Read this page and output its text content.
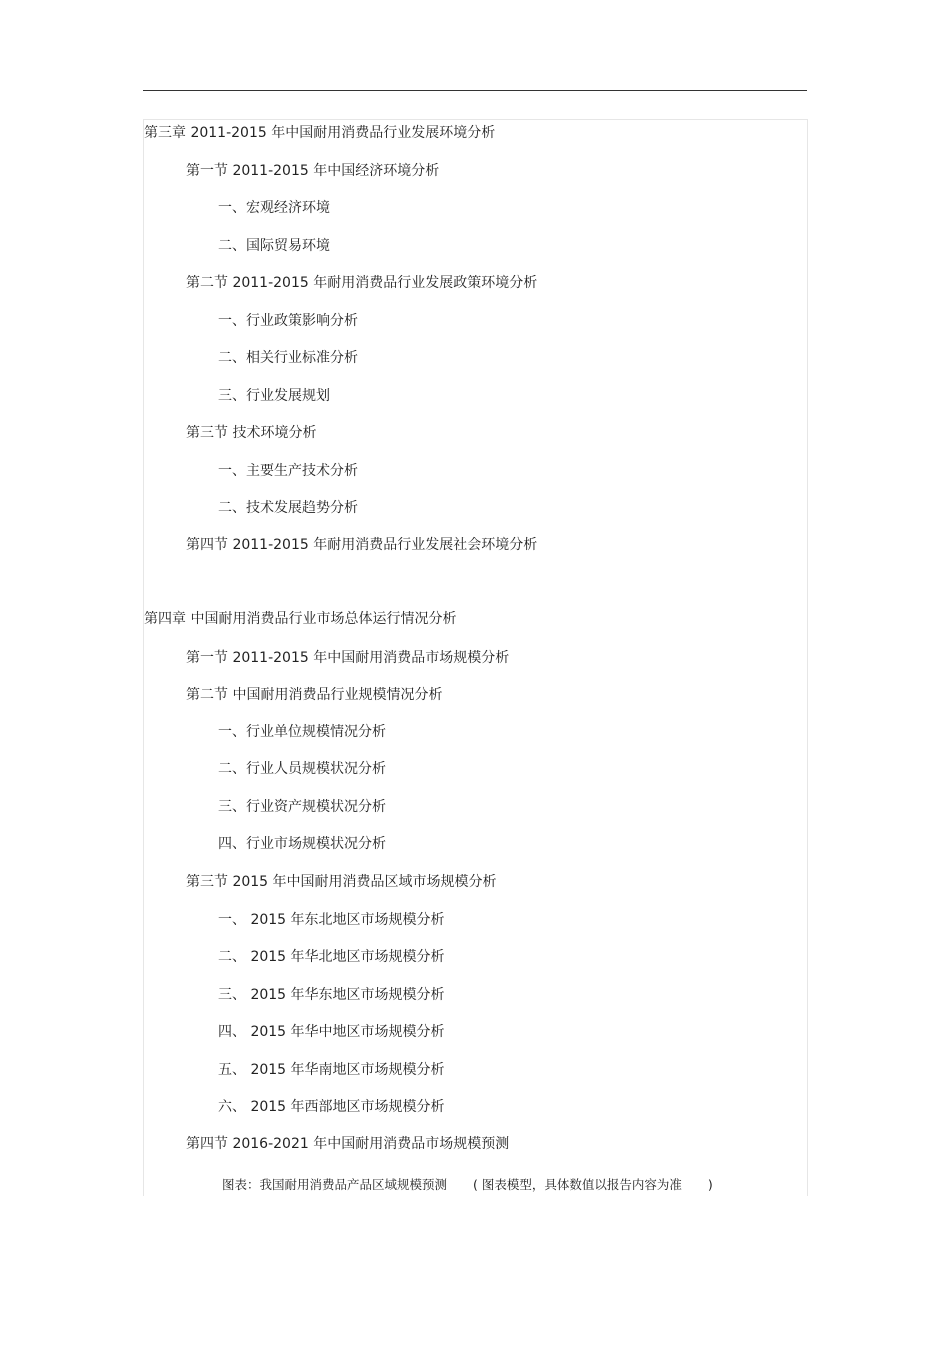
第三章 2011-2015 年中国耐用消费品行业发展环境分析
第一节 2011-2015 年中国经济环境分析
一、宏观经济环境
二、国际贸易环境
第二节 2011-2015 年耐用消费品行业发展政策环境分析
一、行业政策影响分析
二、相关行业标准分析
三、行业发展规划
第三节 技术环境分析
一、主要生产技术分析
二、技术发展趋势分析
第四节 2011-2015 年耐用消费品行业发展社会环境分析
第四章 中国耐用消费品行业市场总体运行情况分析
第一节 2011-2015 年中国耐用消费品市场规模分析
第二节 中国耐用消费品行业规模情况分析
一、行业单位规模情况分析
二、行业人员规模状况分析
三、行业资产规模状况分析
四、行业市场规模状况分析
第三节 2015 年中国耐用消费品区域市场规模分析
一、 2015 年东北地区市场规模分析
二、 2015 年华北地区市场规模分析
三、 2015 年华东地区市场规模分析
四、 2015 年华中地区市场规模分析
五、 2015 年华南地区市场规模分析
六、 2015 年西部地区市场规模分析
第四节 2016-2021 年中国耐用消费品市场规模预测
图表：我国耐用消费品产品区域规模预测 ( 图表模型，具体数值以报告内容为准 )
